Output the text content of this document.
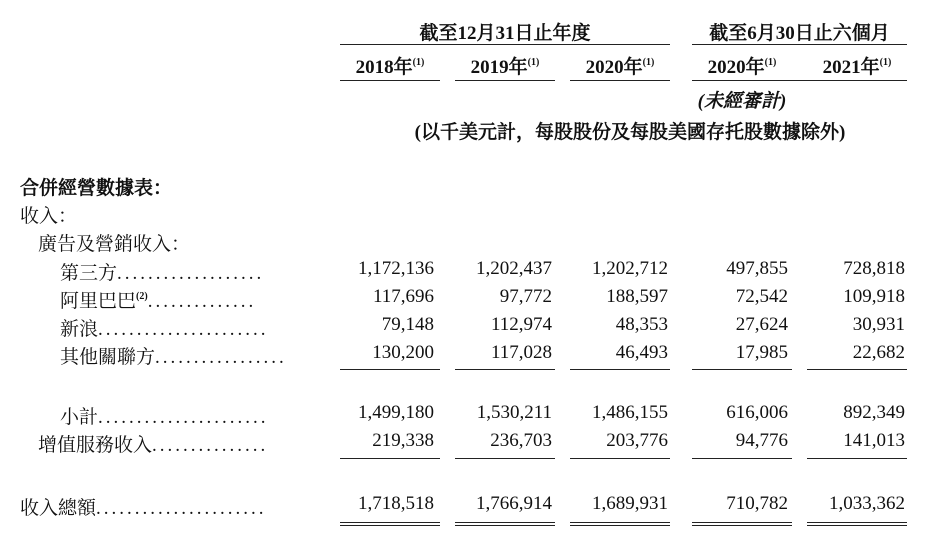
截至12月31日止年度	截至6月30日止六個月
2018年$^{(1)}$	2019年$^{(1)}$	2020年$^{(1)}$	2020年$^{(1)}$	2021年$^{(1)}$
(未經審計)
(以千美元計，每股股份及每股美國存托股數據除外)
合併經營數據表：
收入：
廣告及營銷收入：
第三方...................	1,172,136	1,202,437	1,202,712	497,855	728,818
阿里巴巴$^{(2)}$..............	117,696	97,772	188,597	72,542	109,918
新浪......................	79,148	112,974	48,353	27,624	30,931
其他關聯方.................	130,200	117,028	46,493	17,985	22,682
小計......................	1,499,180	1,530,211	1,486,155	616,006	892,349
增值服務收入...............	219,338	236,703	203,776	94,776	141,013
收入總額......................	1,718,518	1,766,914	1,689,931	710,782	1,033,362
